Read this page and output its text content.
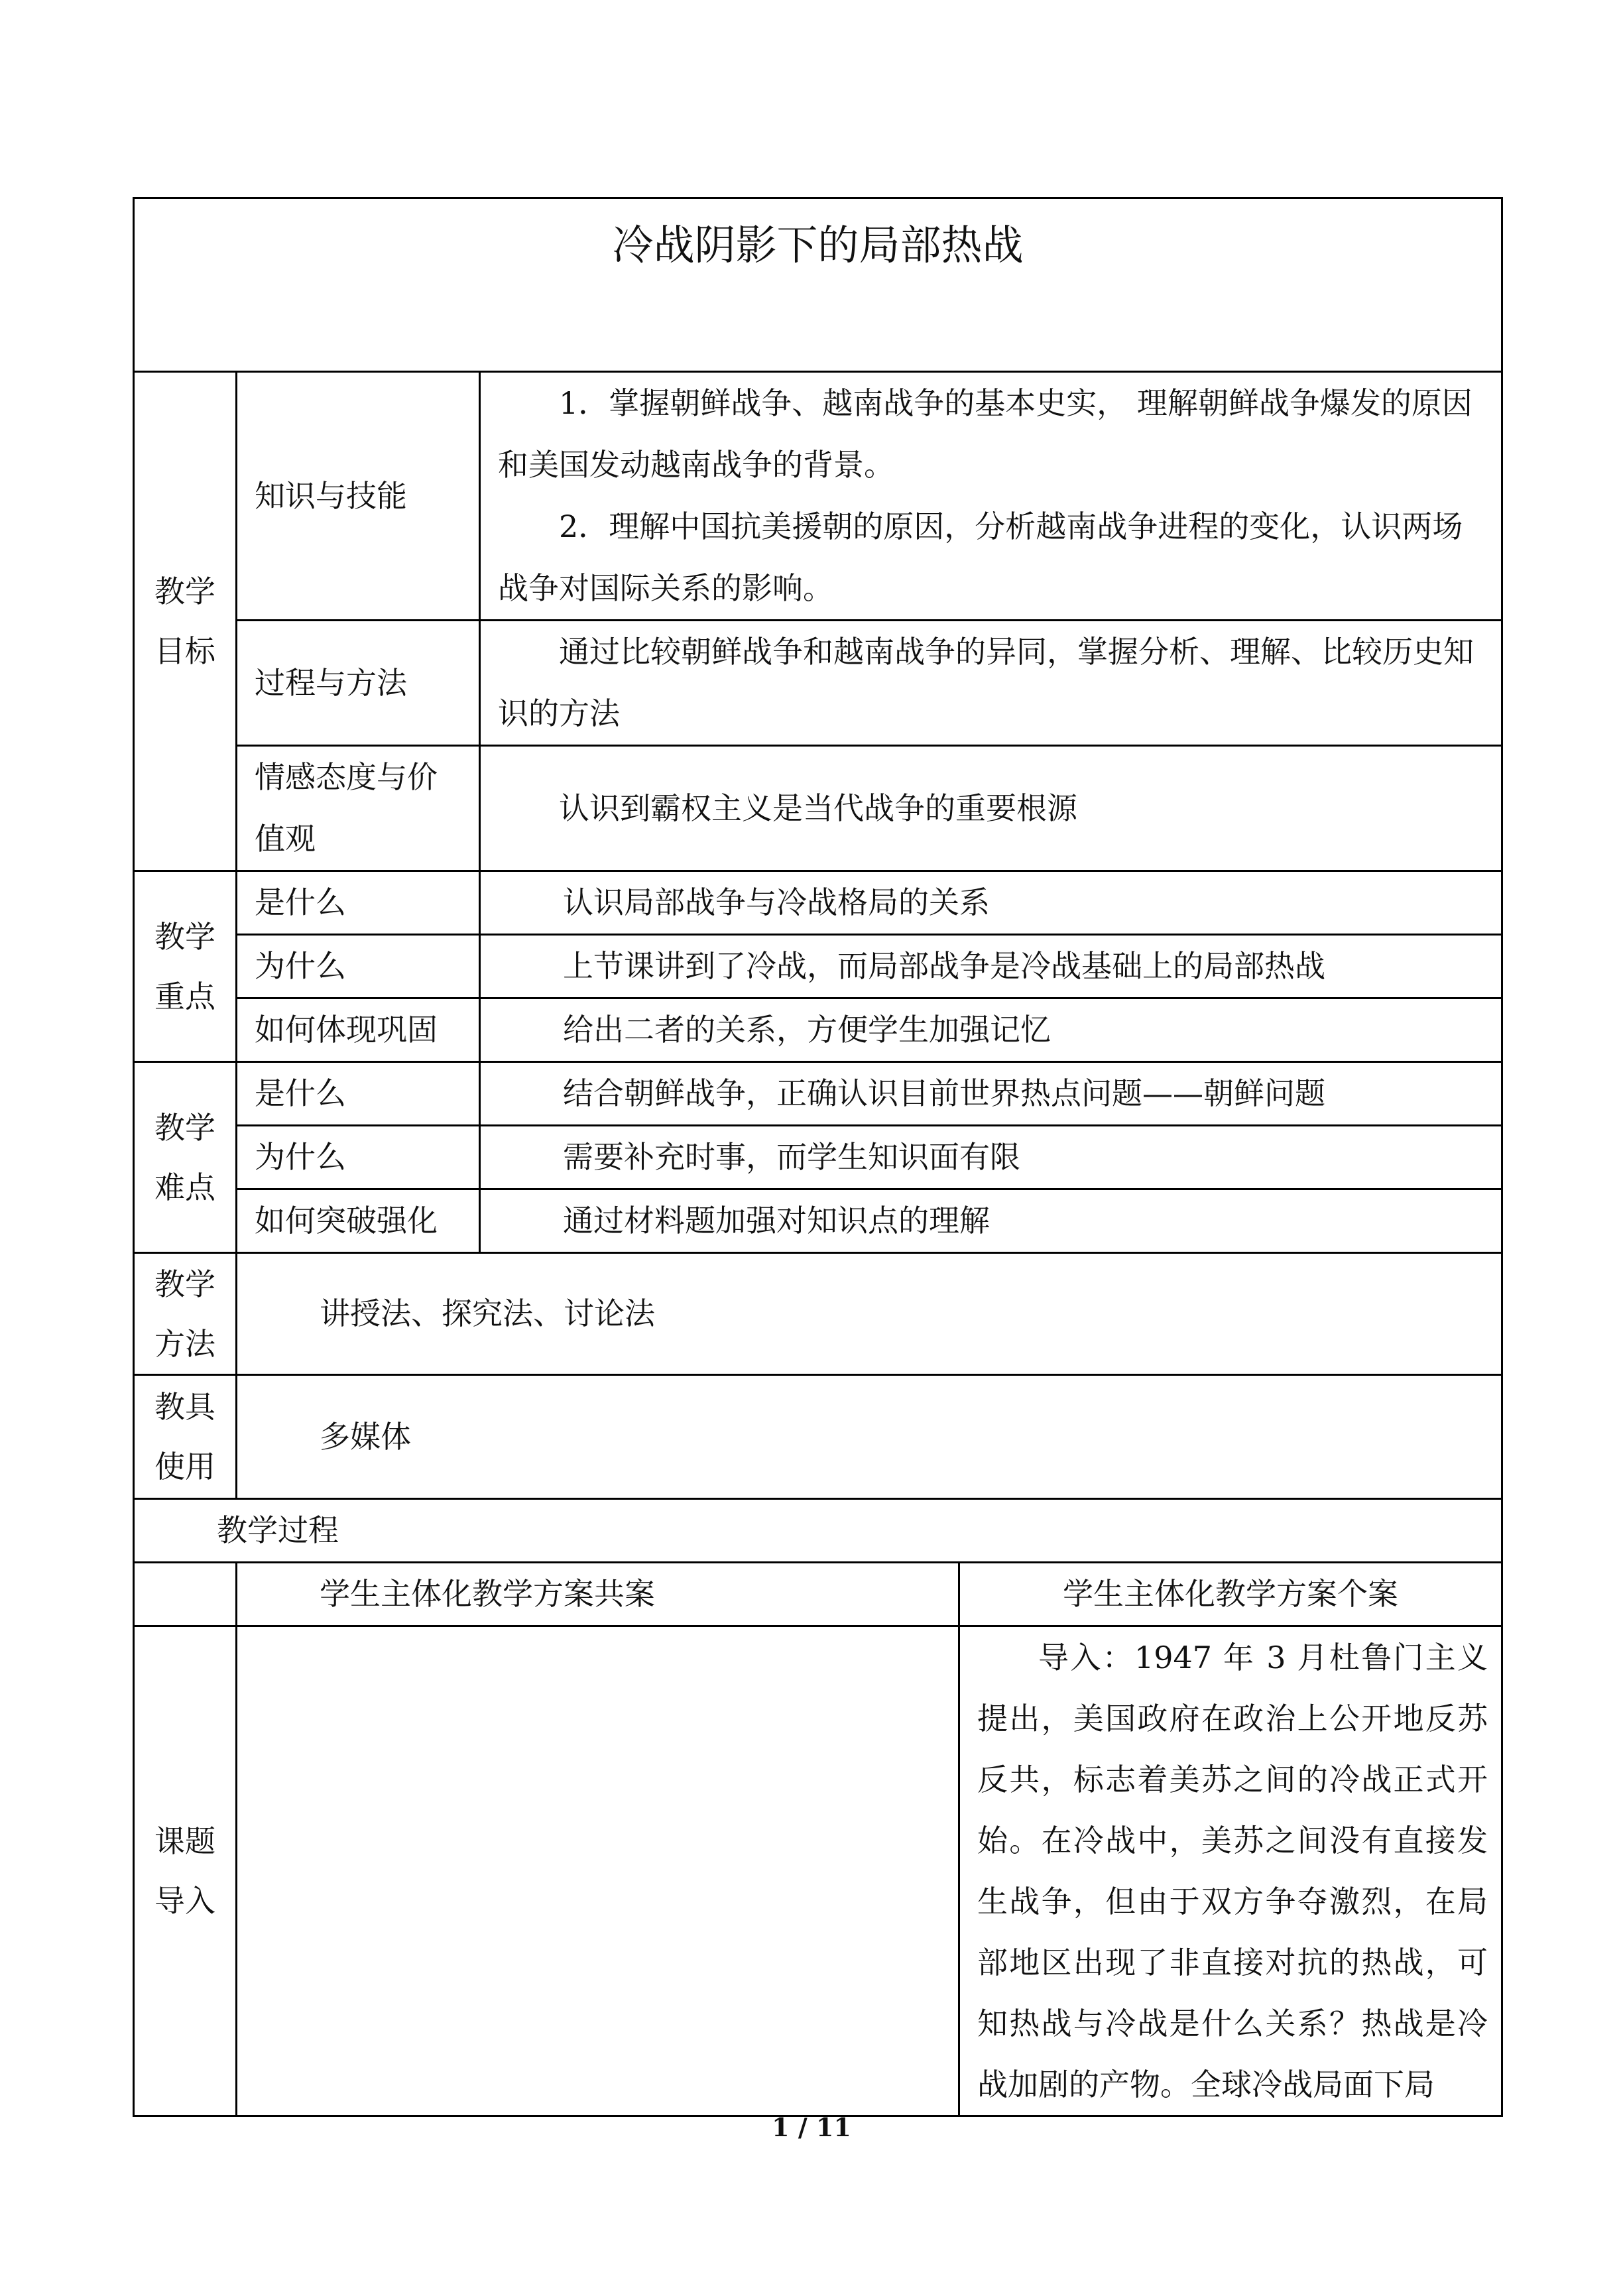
冷战阴影下的局部热战			

教学目标	知识与技能	1．掌握朝鲜战争、越南战争的基本史实， 理解朝鲜战争爆发的原因和美国发动越南战争的背景。

2．理解中国抗美援朝的原因，分析越南战争进程的变化，认识两场战争对国际关系的影响。	

	过程与方法	通过比较朝鲜战争和越南战争的异同，掌握分析、理解、比较历史知识的方法	

	情感态度与价值观	认识到霸权主义是当代战争的重要根源	

教学重点	是什么	认识局部战争与冷战格局的关系	
	为什么	上节课讲到了冷战，而局部战争是冷战基础上的局部热战	
	如何体现巩固	给出二者的关系，方便学生加强记忆	
教学难点	是什么	结合朝鲜战争，正确认识目前世界热点问题——朝鲜问题	
	为什么	需要补充时事，而学生知识面有限	
	如何突破强化	通过材料题加强对知识点的理解	
教学方法	讲授法、探究法、讨论法		
教具使用	多媒体		
教学过程			
	学生主体化教学方案共案		学生主体化教学方案个案
课题导入			导入：1947 年 3 月杜鲁门主义提出，美国政府在政治上公开地反苏反共，标志着美苏之间的冷战正式开始。在冷战中，美苏之间没有直接发生战争，但由于双方争夺激烈，在局部地区出现了非直接对抗的热战，可知热战与冷战是什么关系？热战是冷战加剧的产物。全球冷战局面下局

1 / 11
